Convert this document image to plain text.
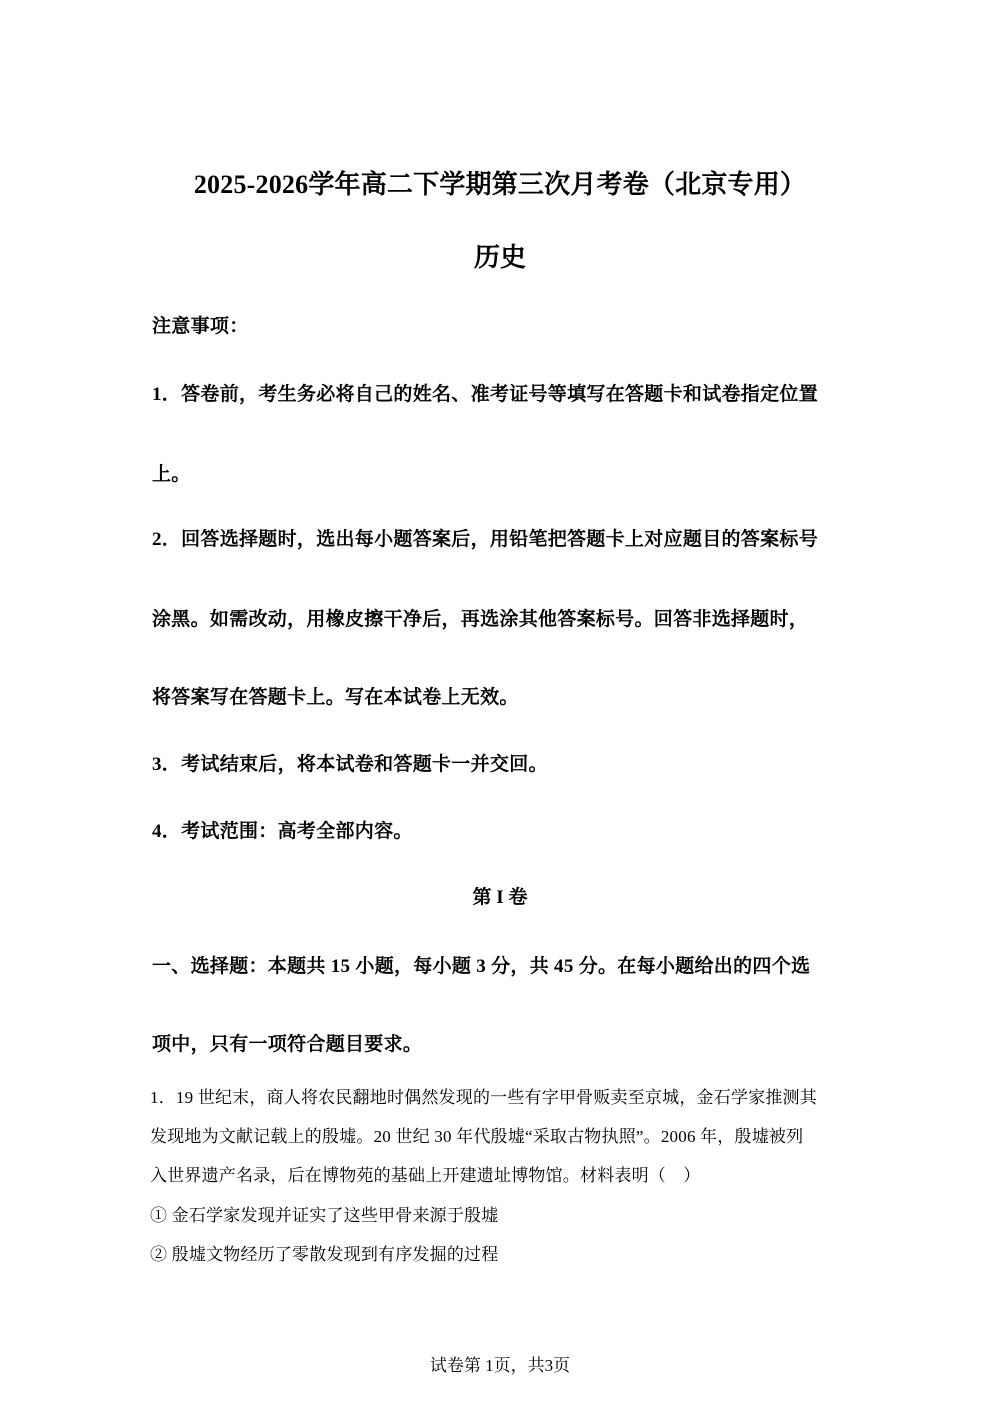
2025-2026学年高二下学期第三次月考卷（北京专用）
历史
注意事项：
1．答卷前，考生务必将自己的姓名、准考证号等填写在答题卡和试卷指定位置
上。
2．回答选择题时，选出每小题答案后，用铅笔把答题卡上对应题目的答案标号
涂黑。如需改动，用橡皮擦干净后，再选涂其他答案标号。回答非选择题时，
将答案写在答题卡上。写在本试卷上无效。
3．考试结束后，将本试卷和答题卡一并交回。
4．考试范围：高考全部内容。
第 I 卷
一、选择题：本题共 15 小题，每小题 3 分，共 45 分。在每小题给出的四个选
项中，只有一项符合题目要求。
1．19 世纪末，商人将农民翻地时偶然发现的一些有字甲骨贩卖至京城，金石学家推测其
发现地为文献记载上的殷墟。20 世纪 30 年代殷墟“采取古物执照”。2006 年，殷墟被列
入世界遗产名录，后在博物苑的基础上开建遗址博物馆。材料表明（　）
① 金石学家发现并证实了这些甲骨来源于殷墟
② 殷墟文物经历了零散发现到有序发掘的过程
试卷第 1页，共3页
